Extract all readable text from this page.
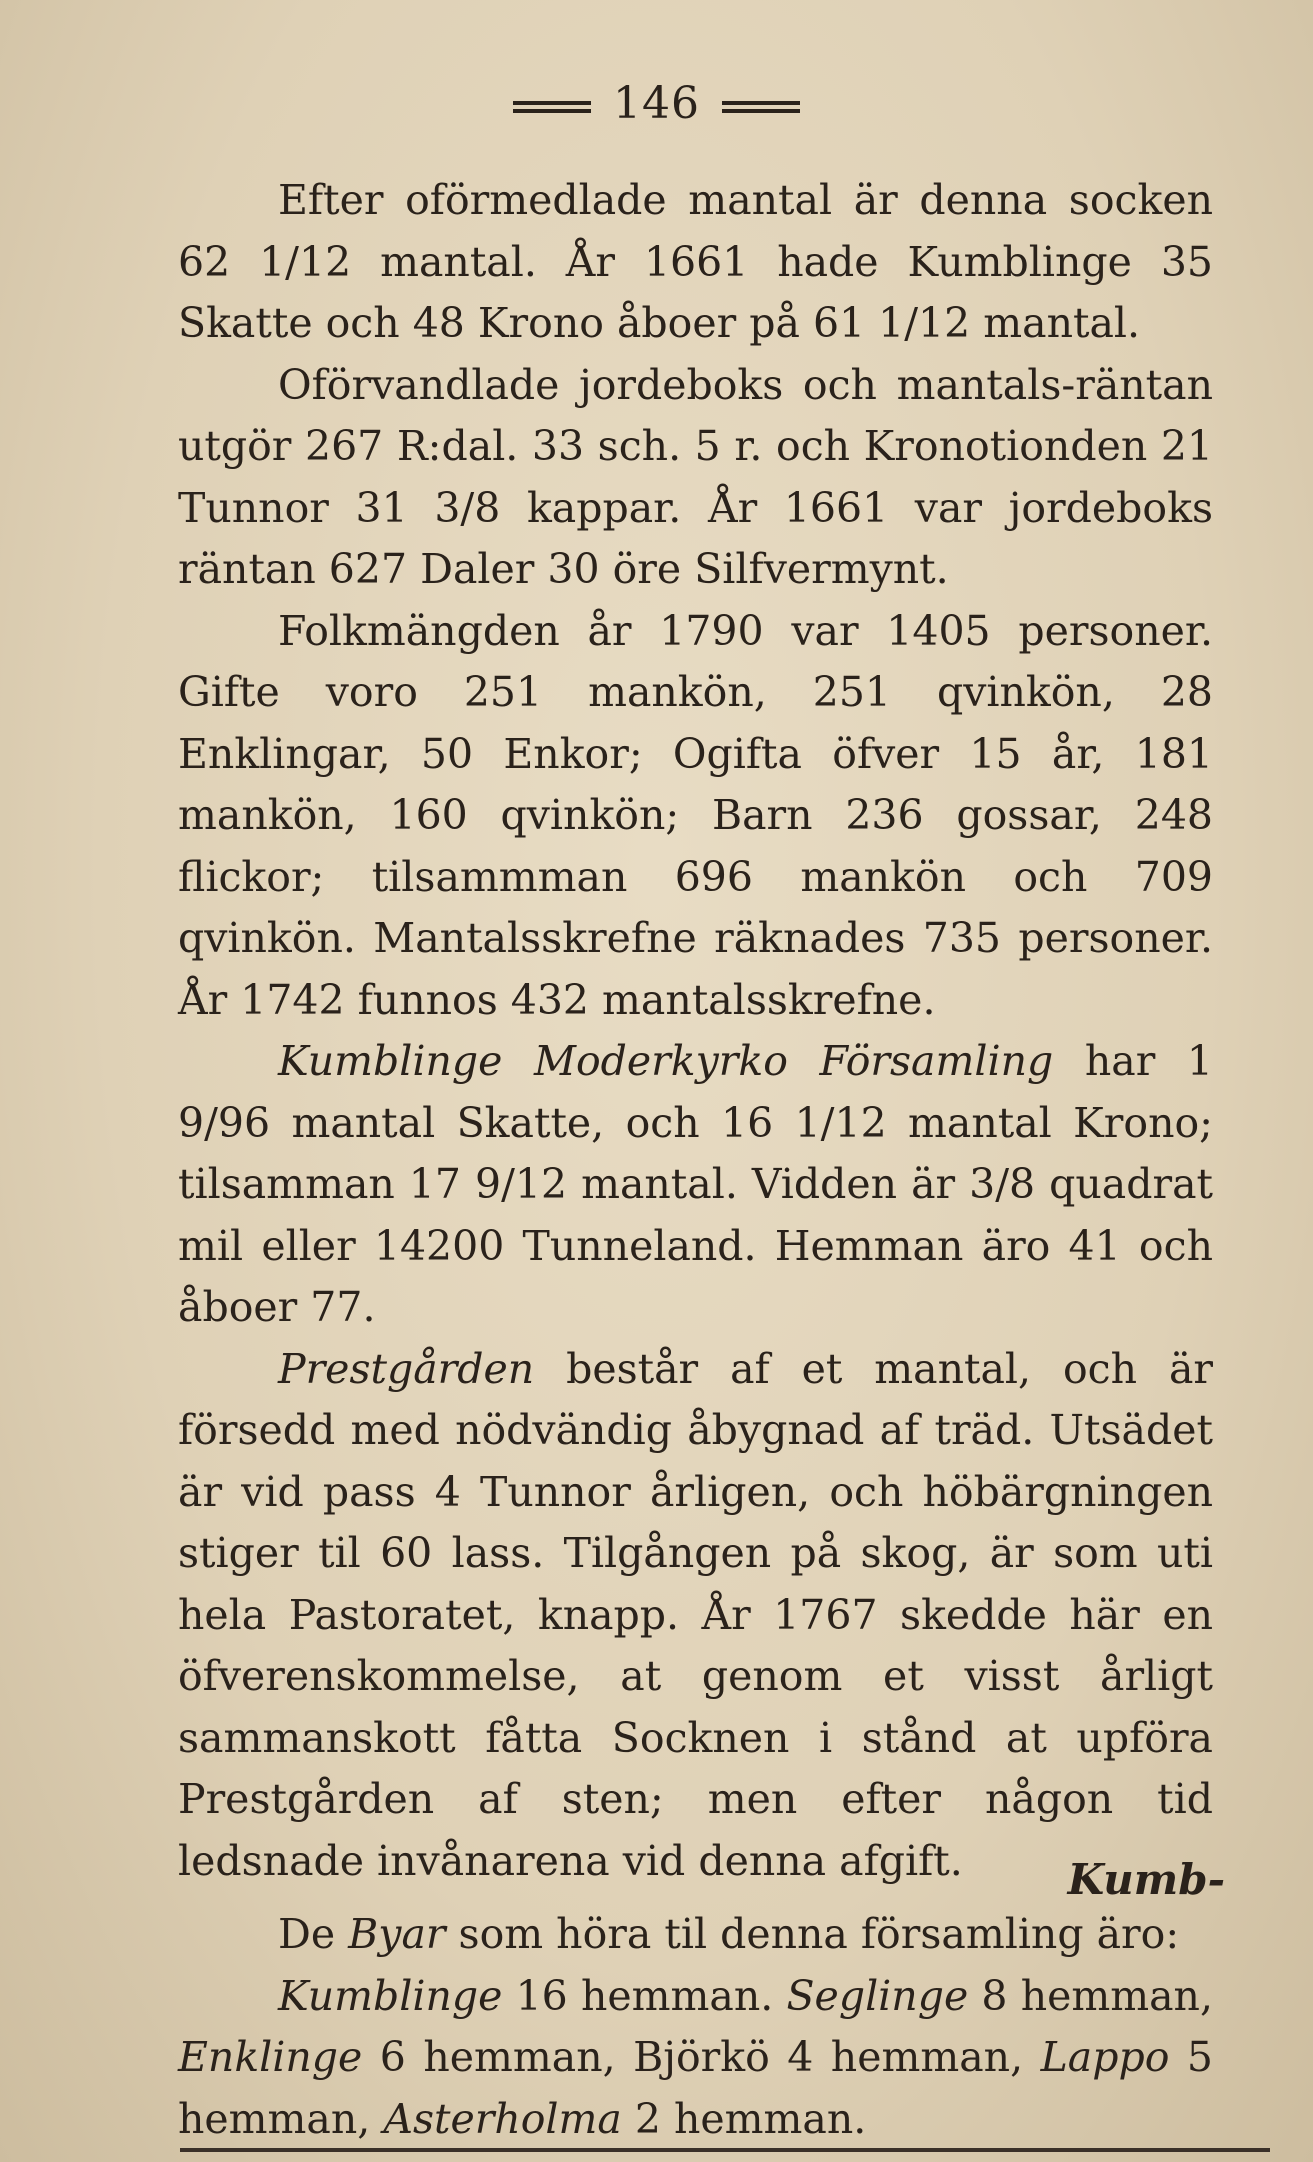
146

Efter oförmedlade mantal är denna socken 62 1/12 mantal. År 1661 hade Kumblinge 35 Skatte och 48 Krono åboer på 61 1/12 mantal.

Oförvandlade jordeboks och mantals-räntan utgör 267 R:dal. 33 sch. 5 r. och Kronotionden 21 Tunnor 31 3/8 kappar. År 1661 var jordeboks räntan 627 Daler 30 öre Silfvermynt.

Folkmängden år 1790 var 1405 personer. Gifte voro 251 mankön, 251 qvinkön, 28 Enklingar, 50 Enkor; Ogifta öfver 15 år, 181 mankön, 160 qvinkön; Barn 236 gossar, 248 flickor; tilsammman 696 mankön och 709 qvinkön. Mantalsskrefne räknades 735 personer. År 1742 funnos 432 mantalsskrefne.

Kumblinge Moderkyrko Församling har 1 9/96 mantal Skatte, och 16 1/12 mantal Krono; tilsamman 17 9/12 mantal. Vidden är 3/8 quadrat mil eller 14200 Tunneland. Hemman äro 41 och åboer 77.

Prestgården består af et mantal, och är försedd med nödvändig åbygnad af träd. Utsädet är vid pass 4 Tunnor årligen, och höbärgningen stiger til 60 lass. Tilgången på skog, är som uti hela Pastoratet, knapp. År 1767 skedde här en öfverenskommelse, at genom et visst årligt sammanskott fåtta Socknen i stånd at upföra Prestgården af sten; men efter någon tid ledsnade invånarena vid denna afgift.

De Byar som höra til denna församling äro:

Kumblinge 16 hemman. Seglinge 8 hemman, Enklinge 6 hemman, Björkö 4 hemman, Lappo 5 hemman, Asterholma 2 hemman.

Kumb-
